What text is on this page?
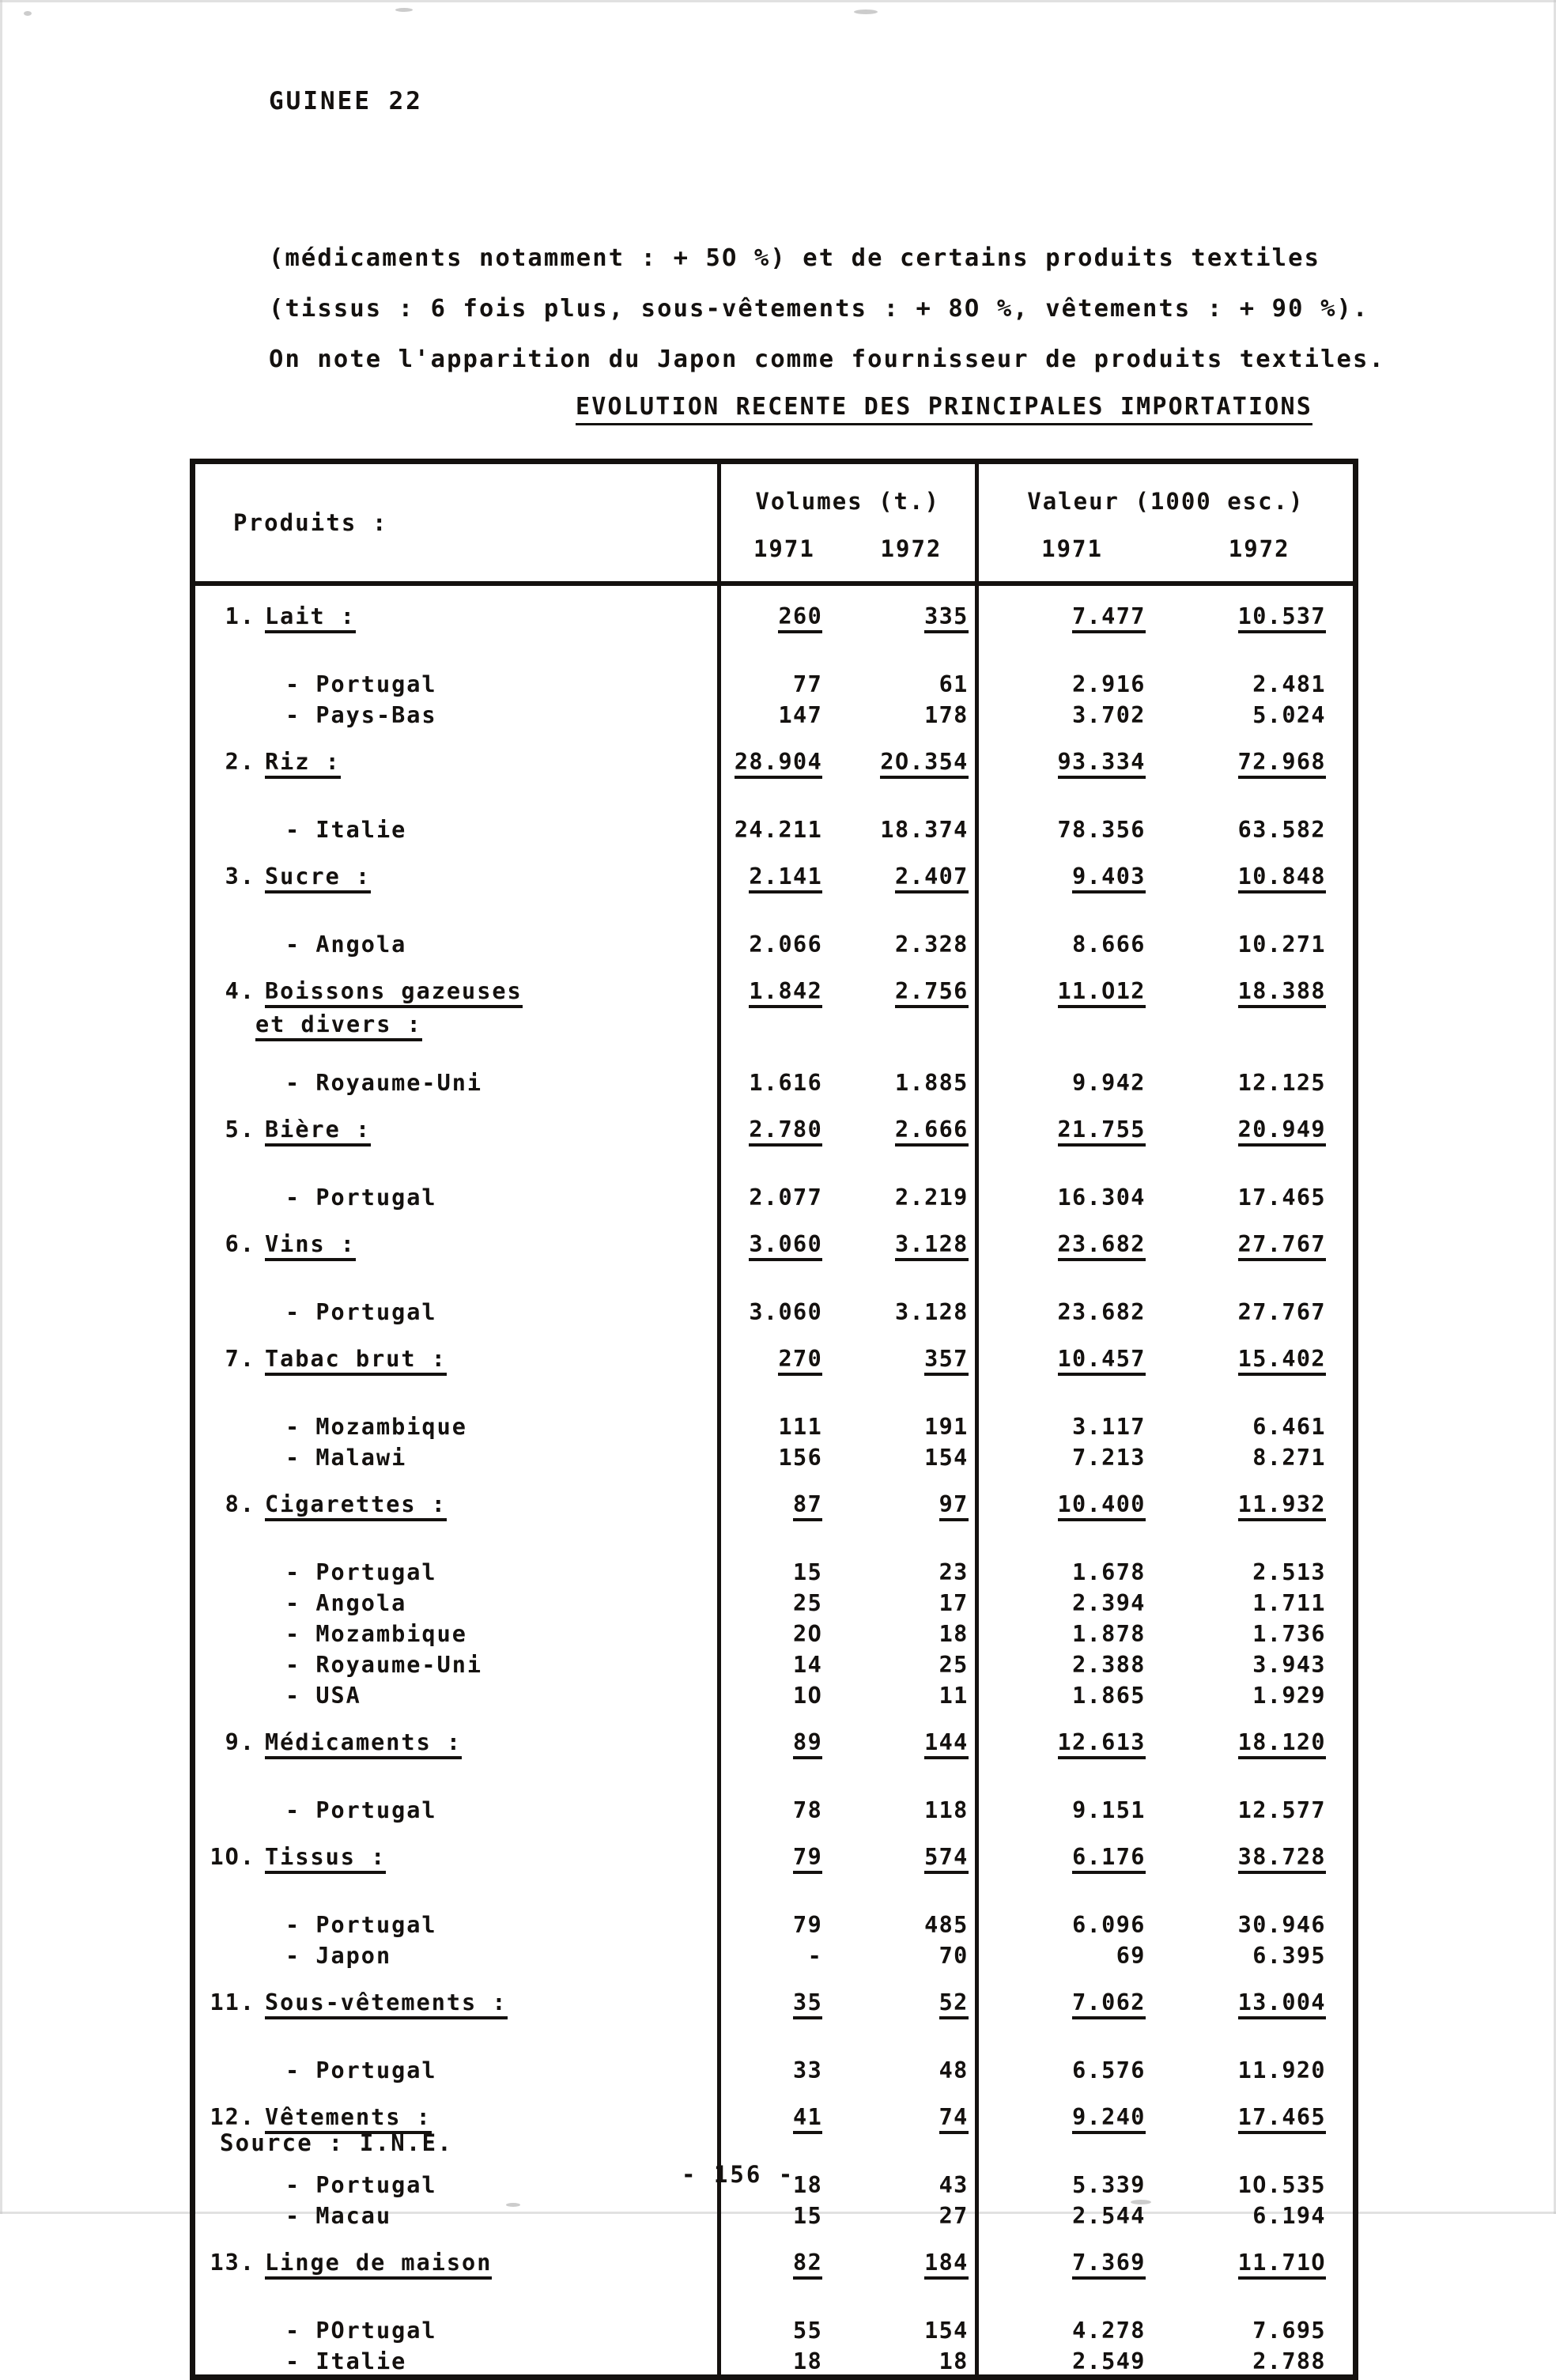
GUINEE 22
(médicaments notamment : + 5O %) et de certains produits textiles
(tissus : 6 fois plus, sous-vêtements : + 8O %, vêtements : + 90 %).
On note l'apparition du Japon comme fournisseur de produits textiles.
EVOLUTION RECENTE DES PRINCIPALES IMPORTATIONS
Produits :	
Volumes (t.)
1971	1972

Valeur (1000 esc.)
1971	1972

1. Lait :	260	335	7.477	10.537
- Portugal	77	61	2.916	2.481
- Pays-Bas	147	178	3.702	5.024
2. Riz :	28.904	2O.354	93.334	72.968
- Italie	24.211	18.374	78.356	63.582
3. Sucre :	2.141	2.407	9.403	10.848
- Angola	2.066	2.328	8.666	10.271
4. Boissons gazeuses
et divers :	1.842	2.756	11.O12	18.388
- Royaume-Uni	1.616	1.885	9.942	12.125
5. Bière :	2.780	2.666	21.755	20.949
- Portugal	2.077	2.219	16.304	17.465
6. Vins :	3.060	3.128	23.682	27.767
- Portugal	3.060	3.128	23.682	27.767
7. Tabac brut :	270	357	10.457	15.402
- Mozambique	111	191	3.117	6.461
- Malawi	156	154	7.213	8.271
8. Cigarettes :	87	97	10.400	11.932
- Portugal	15	23	1.678	2.513
- Angola	25	17	2.394	1.711
- Mozambique	2O	18	1.878	1.736
- Royaume-Uni	14	25	2.388	3.943
- USA	1O	11	1.865	1.929
9. Médicaments :	89	144	12.613	18.120
- Portugal	78	118	9.151	12.577
1O. Tissus :	79	574	6.176	38.728
- Portugal	79	485	6.096	30.946
- Japon	-	70	69	6.395
11. Sous-vêtements :	35	52	7.062	13.004
- Portugal	33	48	6.576	11.920
12. Vêtements :	41	74	9.240	17.465
- Portugal	18	43	5.339	1O.535
- Macau	15	27	2.544	6.194
13. Linge de maison	82	184	7.369	11.71O
- POrtugal	55	154	4.278	7.695
- Italie	18	18	2.549	2.788
Source : I.N.E.
- 156 -
